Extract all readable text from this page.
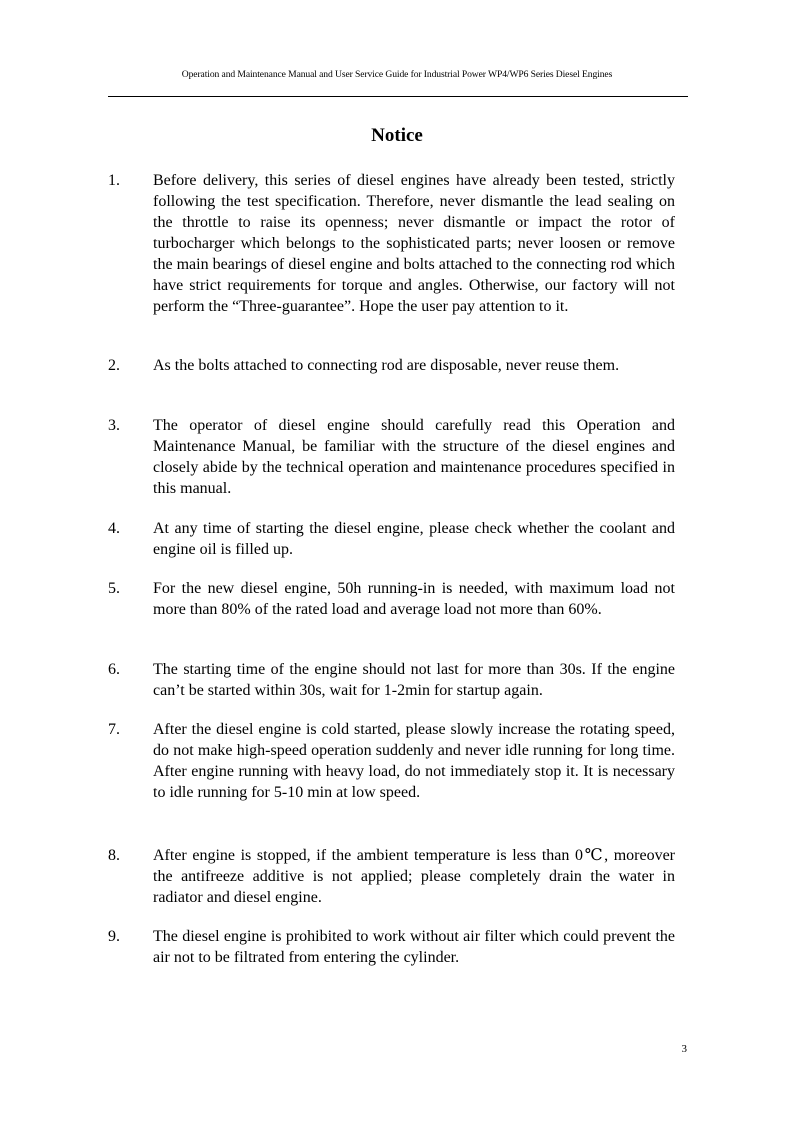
Operation and Maintenance Manual and User Service Guide for Industrial Power WP4/WP6 Series Diesel Engines
Notice
1. Before delivery, this series of diesel engines have already been tested, strictly following the test specification. Therefore, never dismantle the lead sealing on the throttle to raise its openness; never dismantle or impact the rotor of turbocharger which belongs to the sophisticated parts; never loosen or remove the main bearings of diesel engine and bolts attached to the connecting rod which have strict requirements for torque and angles. Otherwise, our factory will not perform the “Three-guarantee”. Hope the user pay attention to it.
2. As the bolts attached to connecting rod are disposable, never reuse them.
3. The operator of diesel engine should carefully read this Operation and Maintenance Manual, be familiar with the structure of the diesel engines and closely abide by the technical operation and maintenance procedures specified in this manual.
4. At any time of starting the diesel engine, please check whether the coolant and engine oil is filled up.
5. For the new diesel engine, 50h running-in is needed, with maximum load not more than 80% of the rated load and average load not more than 60%.
6. The starting time of the engine should not last for more than 30s. If the engine can’t be started within 30s, wait for 1-2min for startup again.
7. After the diesel engine is cold started, please slowly increase the rotating speed, do not make high-speed operation suddenly and never idle running for long time. After engine running with heavy load, do not immediately stop it. It is necessary to idle running for 5-10 min at low speed.
8. After engine is stopped, if the ambient temperature is less than 0℃, moreover the antifreeze additive is not applied; please completely drain the water in radiator and diesel engine.
9. The diesel engine is prohibited to work without air filter which could prevent the air not to be filtrated from entering the cylinder.
3
